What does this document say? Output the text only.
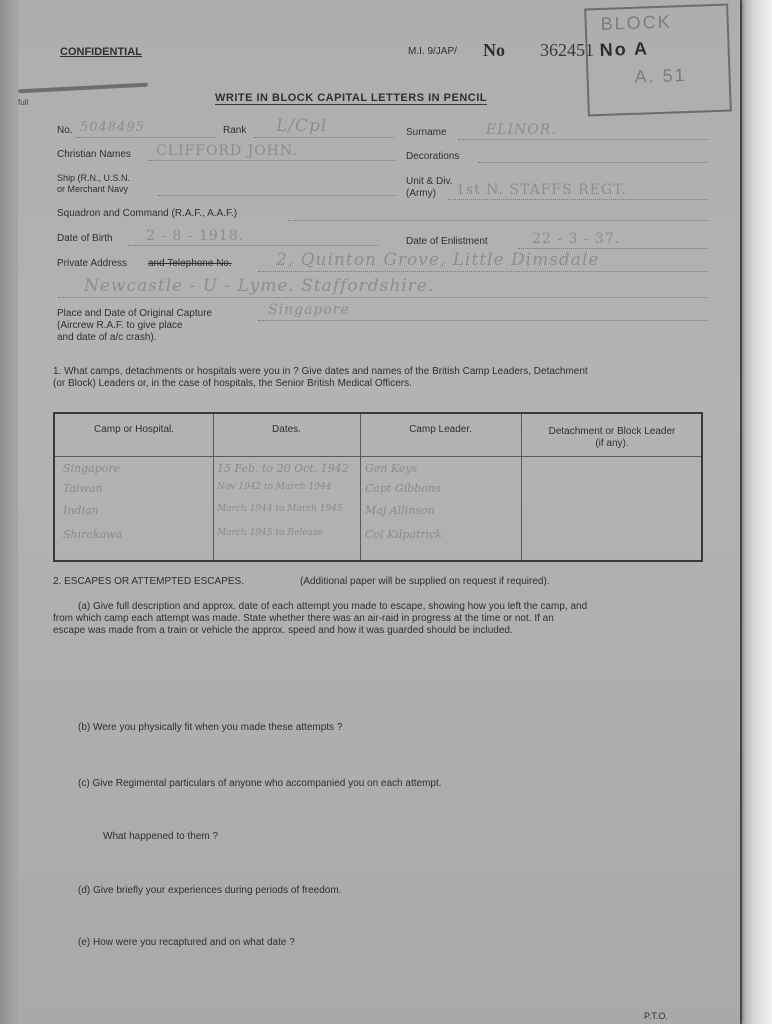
full
CONFIDENTIAL	M.I. 9/JAP/ No 362451
WRITE IN BLOCK CAPITAL LETTERS IN PENCIL
BLOCK
No A
A. 51
No. 5048495	Rank L/Cpl	Surname	ELINOR.
Christian Names CLIFFORD JOHN.	Decorations
Ship (R.N., U.S.N.
or Merchant Navy
Unit & Div.
(Army) 1st N. STAFFS REGT.
Squadron and Command (R.A.F., A.A.F.)
Date of Birth 2 - 8 - 1918.	Date of Enlistment	22 - 3 - 37.
Private Address and Telephone No.	2, Quinton Grove, Little Dimsdale
Newcastle - U - Lyme. Staffordshire.
Place and Date of Original Capture
(Aircrew R.A.F. to give place
and date of a/c crash).
Singapore
1. What camps, detachments or hospitals were you in ? Give dates and names of the British Camp Leaders, Detachment
(or Block) Leaders or, in the case of hospitals, the Senior British Medical Officers.
Camp or Hospital.	Dates.	Camp Leader.	Detachment or Block Leader (if any).
Singapore	15 Feb. to 20 Oct. 1942 Gen Keys
Taiwan	Nov 1942 to March 1944	Capt Gibbons
Indian	March 1944 to March 1945 Maj Allinson
Shirakawa	March 1945 to Release	Col Kilpatrick
2. ESCAPES OR ATTEMPTED ESCAPES.	(Additional paper will be supplied on request if required).
(a) Give full description and approx. date of each attempt you made to escape, showing how you left the camp, and
from which camp each attempt was made. State whether there was an air-raid in progress at the time or not. If an
escape was made from a train or vehicle the approx. speed and how it was guarded should be included.
(b) Were you physically fit when you made these attempts ?
(c) Give Regimental particulars of anyone who accompanied you on each attempt.
What happened to them ?
(d) Give briefly your experiences during periods of freedom.
(e) How were you recaptured and on what date ?
P.T.O.
